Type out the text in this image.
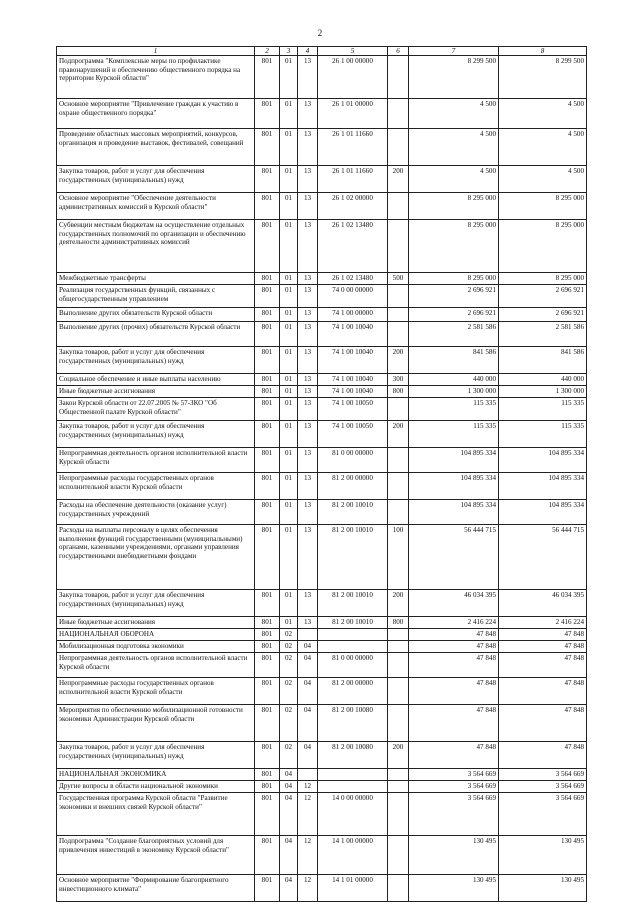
2
1	2	3	4	5	6	7	8
Подпрограмма "Комплексные меры по профилактике правонарушений и обеспечению общественного порядка на территории Курской области"	801	01	13	26 1 00 00000		8 299 500	8 299 500
Основное мероприятие "Привлечение граждан к участию в охране общественного порядка"	801	01	13	26 1 01 00000		4 500	4 500
Проведение областных массовых мероприятий, конкурсов, организация и проведение выставок, фестивалей, совещаний	801	01	13	26 1 01 11660		4 500	4 500
Закупка товаров, работ и услуг для обеспечения государственных (муниципальных) нужд	801	01	13	26 1 01 11660	200	4 500	4 500
Основное мероприятие "Обеспечение деятельности административных комиссий в Курской области"	801	01	13	26 1 02 00000		8 295 000	8 295 000
Субвенции местным бюджетам на осуществление отдельных государственных полномочий по организации и обеспечению деятельности административных комиссий	801	01	13	26 1 02 13480		8 295 000	8 295 000
Межбюджетные трансферты	801	01	13	26 1 02 13480	500	8 295 000	8 295 000
Реализация государственных функций, связанных с общегосударственным управлением	801	01	13	74 0 00 00000		2 696 921	2 696 921
Выполнение других обязательств Курской области	801	01	13	74 1 00 00000		2 696 921	2 696 921
Выполнение других (прочих) обязательств Курской области	801	01	13	74 1 00 10040		2 581 586	2 581 586
Закупка товаров, работ и услуг для обеспечения государственных (муниципальных) нужд	801	01	13	74 1 00 10040	200	841 586	841 586
Социальное обеспечение и иные выплаты населению	801	01	13	74 1 00 10040	300	440 000	440 000
Иные бюджетные ассигнования	801	01	13	74 1 00 10040	800	1 300 000	1 300 000
Закон Курской области от 22.07.2005 № 57-ЗКО "Об Общественной палате Курской области"	801	01	13	74 1 00 10050		115 335	115 335
Закупка товаров, работ и услуг для обеспечения государственных (муниципальных) нужд	801	01	13	74 1 00 10050	200	115 335	115 335
Непрограммная деятельность органов исполнительной власти Курской области	801	01	13	81 0 00 00000		104 895 334	104 895 334
Непрограммные расходы государственных органов исполнительной власти Курской области	801	01	13	81 2 00 00000		104 895 334	104 895 334
Расходы на обеспечение деятельности (оказание услуг) государственных учреждений	801	01	13	81 2 00 10010		104 895 334	104 895 334
Расходы на выплаты персоналу в целях обеспечения выполнения функций государственными (муниципальными) органами, казенными учреждениями, органами управления государственными внебюджетными фондами	801	01	13	81 2 00 10010	100	56 444 715	56 444 715
Закупка товаров, работ и услуг для обеспечения государственных (муниципальных) нужд	801	01	13	81 2 00 10010	200	46 034 395	46 034 395
Иные бюджетные ассигнования	801	01	13	81 2 00 10010	800	2 416 224	2 416 224
НАЦИОНАЛЬНАЯ ОБОРОНА	801	02				47 848	47 848
Мобилизационная подготовка экономики	801	02	04			47 848	47 848
Непрограммная деятельность органов исполнительной власти Курской области	801	02	04	81 0 00 00000		47 848	47 848
Непрограммные расходы государственных органов исполнительной власти Курской области	801	02	04	81 2 00 00000		47 848	47 848
Мероприятия по обеспечению мобилизационной готовности экономики Администрации Курской области	801	02	04	81 2 00 10080		47 848	47 848
Закупка товаров, работ и услуг для обеспечения государственных (муниципальных) нужд	801	02	04	81 2 00 10080	200	47 848	47 848
НАЦИОНАЛЬНАЯ ЭКОНОМИКА	801	04				3 564 669	3 564 669
Другие вопросы в области национальной экономики	801	04	12			3 564 669	3 564 669
Государственная программа Курской области "Развитие экономики и внешних связей Курской области"	801	04	12	14 0 00 00000		3 564 669	3 564 669
Подпрограмма "Создание благоприятных условий для привлечения инвестиций в экономику Курской области"	801	04	12	14 1 00 00000		130 495	130 495
Основное мероприятие "Формирование благоприятного инвестиционного климата"	801	04	12	14 1 01 00000		130 495	130 495
